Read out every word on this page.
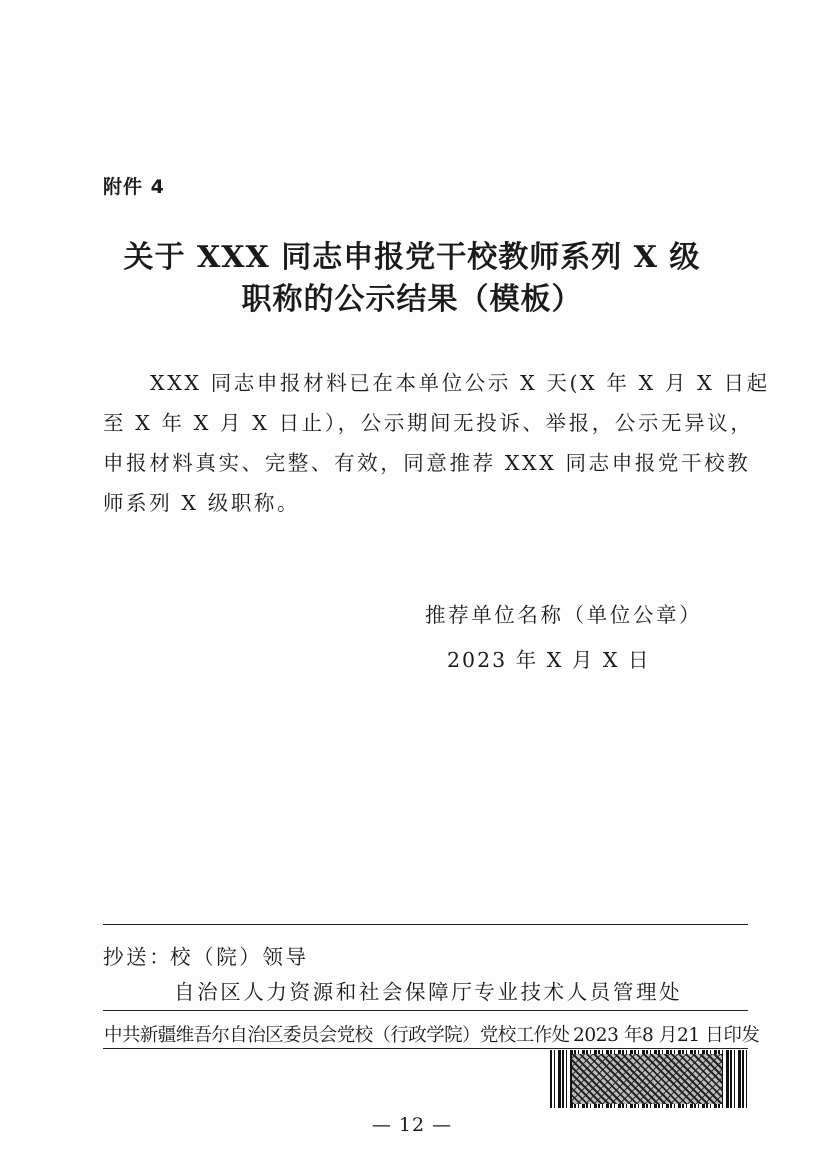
附件 4
关于 XXX 同志申报党干校教师系列 X 级
职称的公示结果（模板）
XXX 同志申报材料已在本单位公示 X 天(X 年 X 月 X 日起
至 X 年 X 月 X 日止），公示期间无投诉、举报，公示无异议，
申报材料真实、完整、有效，同意推荐 XXX 同志申报党干校教
师系列 X 级职称。
推荐单位名称（单位公章）
2023 年 X 月 X 日
抄送：
校（院）领导
自治区人力资源和社会保障厅专业技术人员管理处
中共新疆维吾尔自治区委员会党校（行政学院）党校工作处 2023 年8 月21 日印发
— 12 —
